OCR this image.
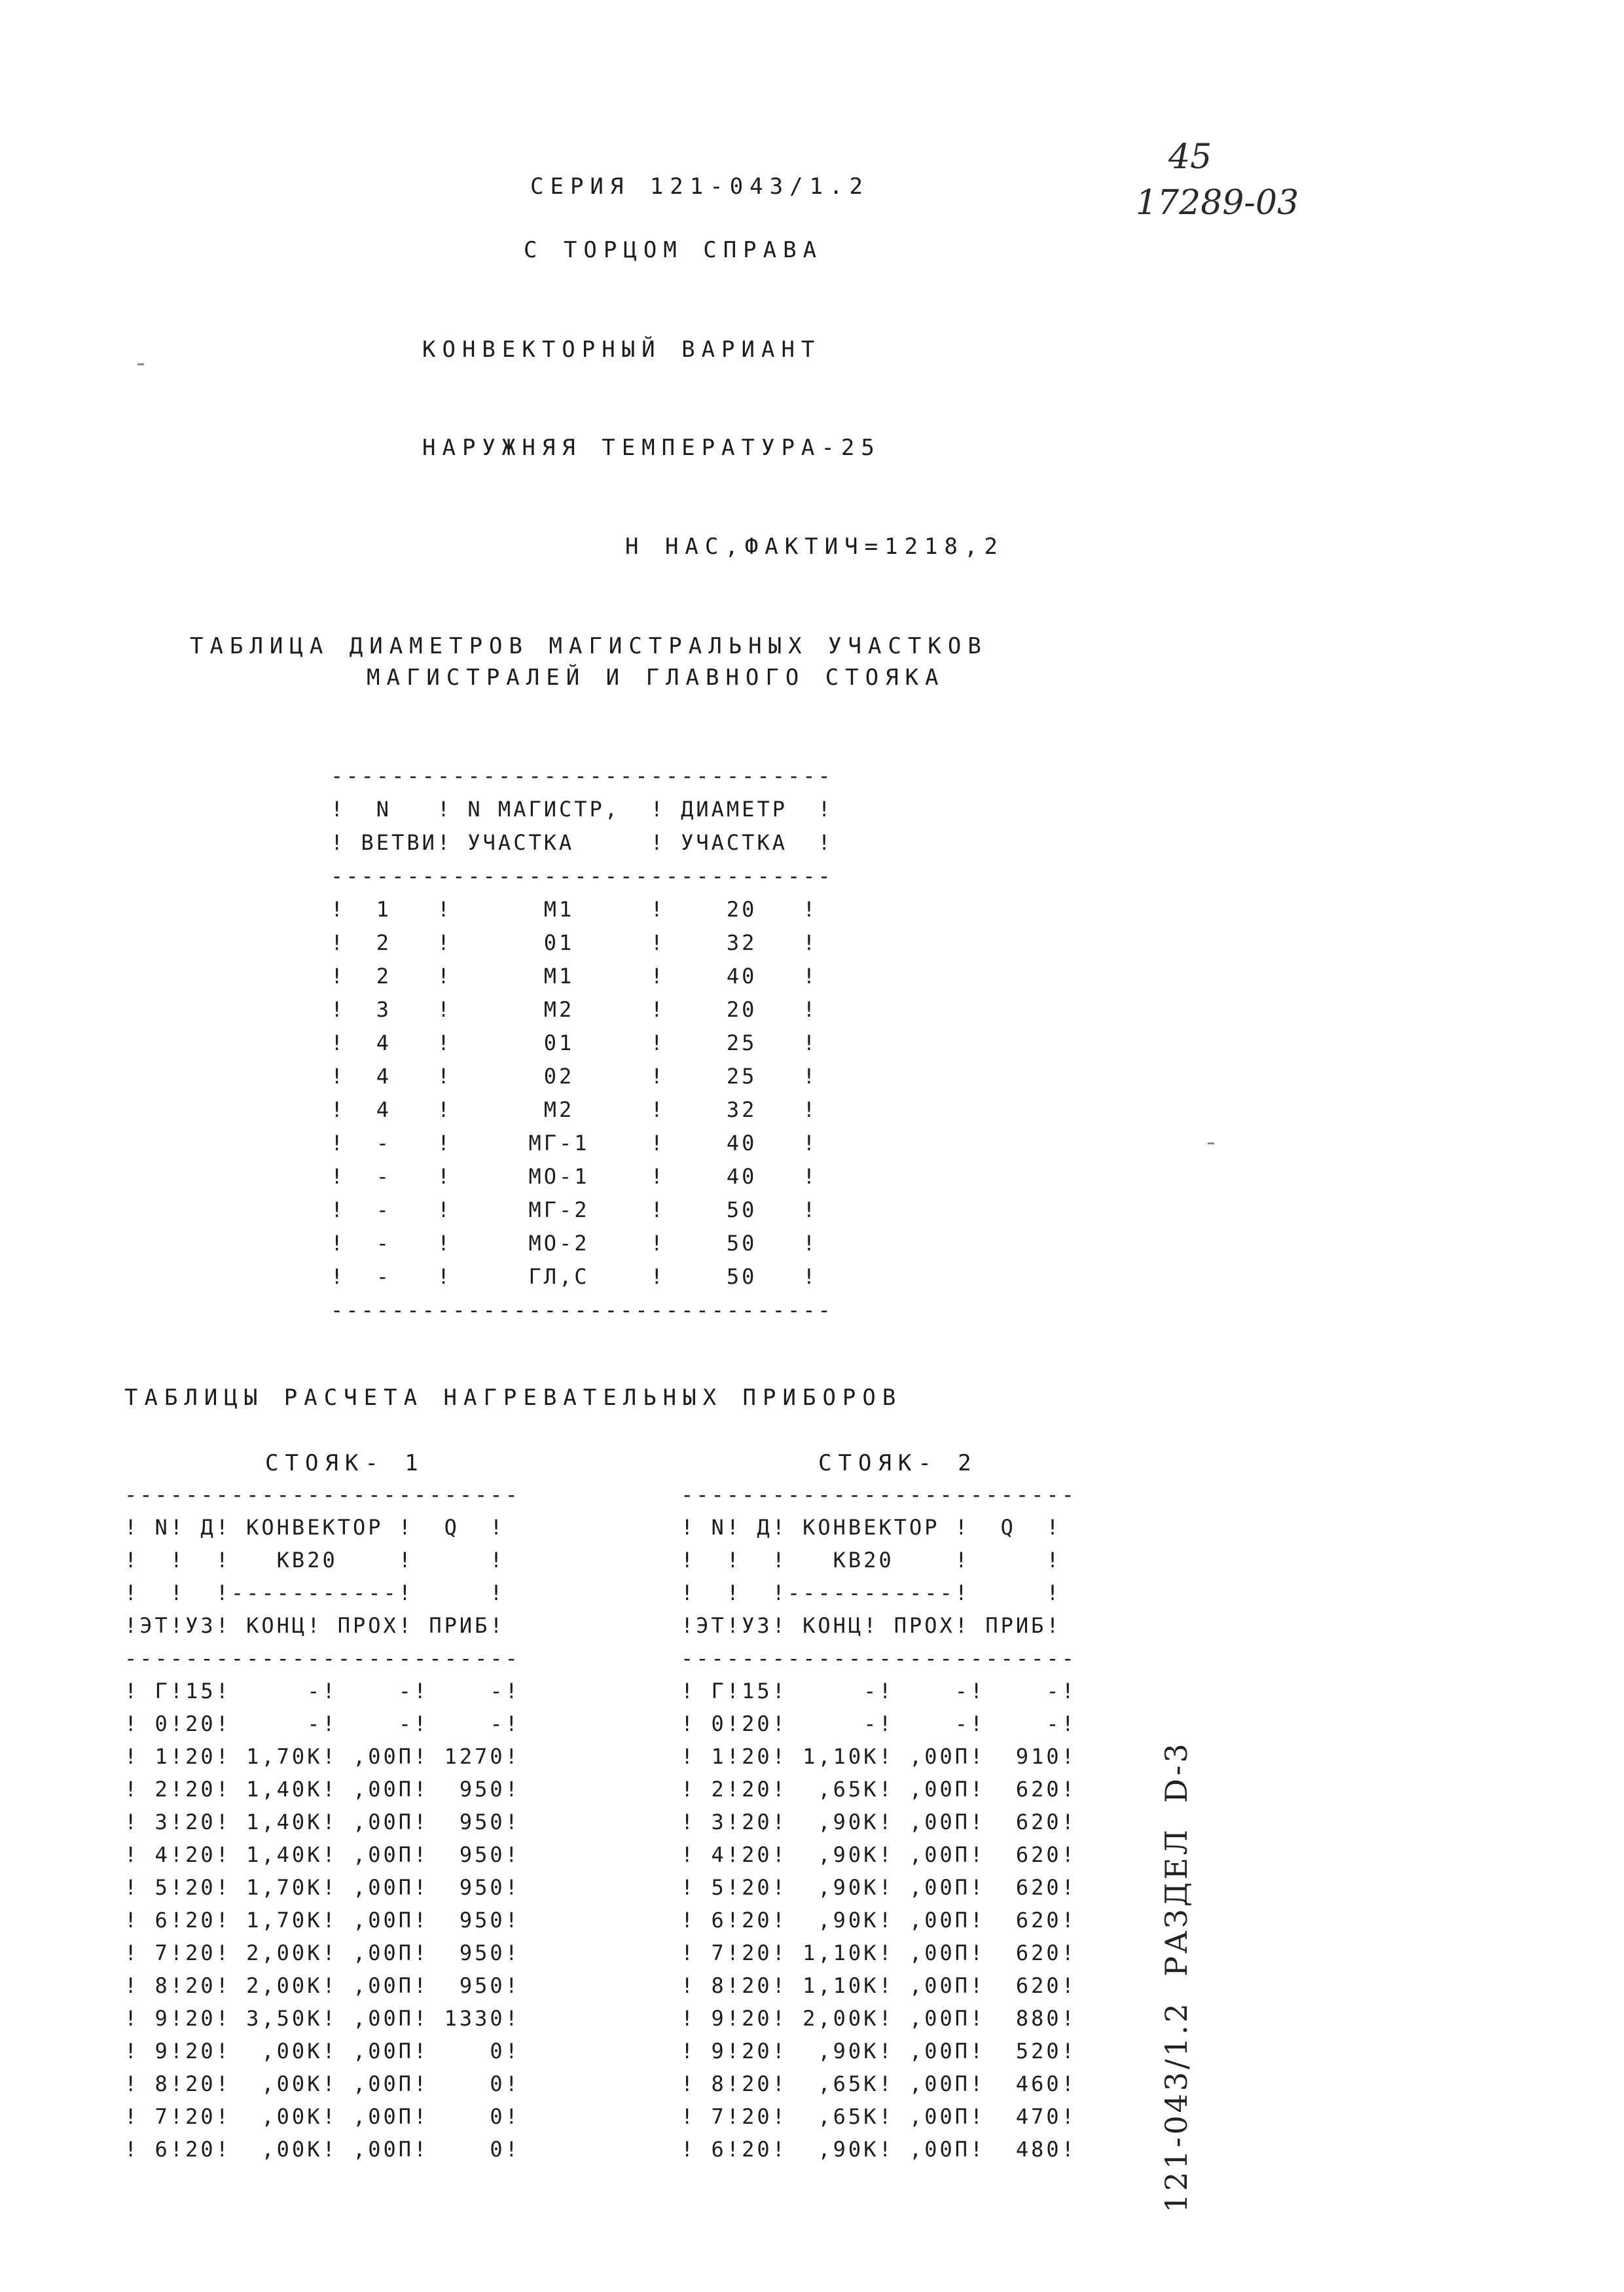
СЕРИЯ 121-043/1.2
С ТОРЦОМ СПРАВА
КОНВЕКТОРНЫЙ ВАРИАНТ
НАРУЖНЯЯ ТЕМПЕРАТУРА-25
Н НАС,ФАКТИЧ=1218,2
45
17289-03
ТАБЛИЦА ДИАМЕТРОВ МАГИСТРАЛЬНЫХ УЧАСТКОВ
МАГИСТРАЛЕЙ И ГЛАВНОГО СТОЯКА
---------------------------------
!  N   ! N МАГИСТР,  ! ДИАМЕТР  !
! ВЕТВИ! УЧАСТКА     ! УЧАСТКА  !
---------------------------------
!  1   !      М1     !    20   !
!  2   !      01     !    32   !
!  2   !      М1     !    40   !
!  3   !      М2     !    20   !
!  4   !      01     !    25   !
!  4   !      02     !    25   !
!  4   !      М2     !    32   !
!  -   !     МГ-1    !    40   !
!  -   !     МО-1    !    40   !
!  -   !     МГ-2    !    50   !
!  -   !     МО-2    !    50   !
!  -   !     ГЛ,С    !    50   !
---------------------------------
ТАБЛИЦЫ РАСЧЕТА НАГРЕВАТЕЛЬНЫХ ПРИБОРОВ
СТОЯК- 1	СТОЯК- 2
--------------------------
! N! Д! КОНВЕКТОР !  Q  !
!  !  !   КВ20    !     !
!  !  !-----------!     !
!ЭТ!УЗ! КОНЦ! ПРОХ! ПРИБ!
--------------------------
! Г!15!     -!    -!    -!
! 0!20!     -!    -!    -!
! 1!20! 1,70К! ,00П! 1270!
! 2!20! 1,40К! ,00П!  950!
! 3!20! 1,40К! ,00П!  950!
! 4!20! 1,40К! ,00П!  950!
! 5!20! 1,70К! ,00П!  950!
! 6!20! 1,70К! ,00П!  950!
! 7!20! 2,00К! ,00П!  950!
! 8!20! 2,00К! ,00П!  950!
! 9!20! 3,50К! ,00П! 1330!
! 9!20!  ,00К! ,00П!    0!
! 8!20!  ,00К! ,00П!    0!
! 7!20!  ,00К! ,00П!    0!
! 6!20!  ,00К! ,00П!    0!
--------------------------
! N! Д! КОНВЕКТОР !  Q  !
!  !  !   КВ20    !     !
!  !  !-----------!     !
!ЭТ!УЗ! КОНЦ! ПРОХ! ПРИБ!
--------------------------
! Г!15!     -!    -!    -!
! 0!20!     -!    -!    -!
! 1!20! 1,10К! ,00П!  910!
! 2!20!  ,65К! ,00П!  620!
! 3!20!  ,90К! ,00П!  620!
! 4!20!  ,90К! ,00П!  620!
! 5!20!  ,90К! ,00П!  620!
! 6!20!  ,90К! ,00П!  620!
! 7!20! 1,10К! ,00П!  620!
! 8!20! 1,10К! ,00П!  620!
! 9!20! 2,00К! ,00П!  880!
! 9!20!  ,90К! ,00П!  520!
! 8!20!  ,65К! ,00П!  460!
! 7!20!  ,65К! ,00П!  470!
! 6!20!  ,90К! ,00П!  480!	121-043/1.2  РАЗДЕЛ  D-3
